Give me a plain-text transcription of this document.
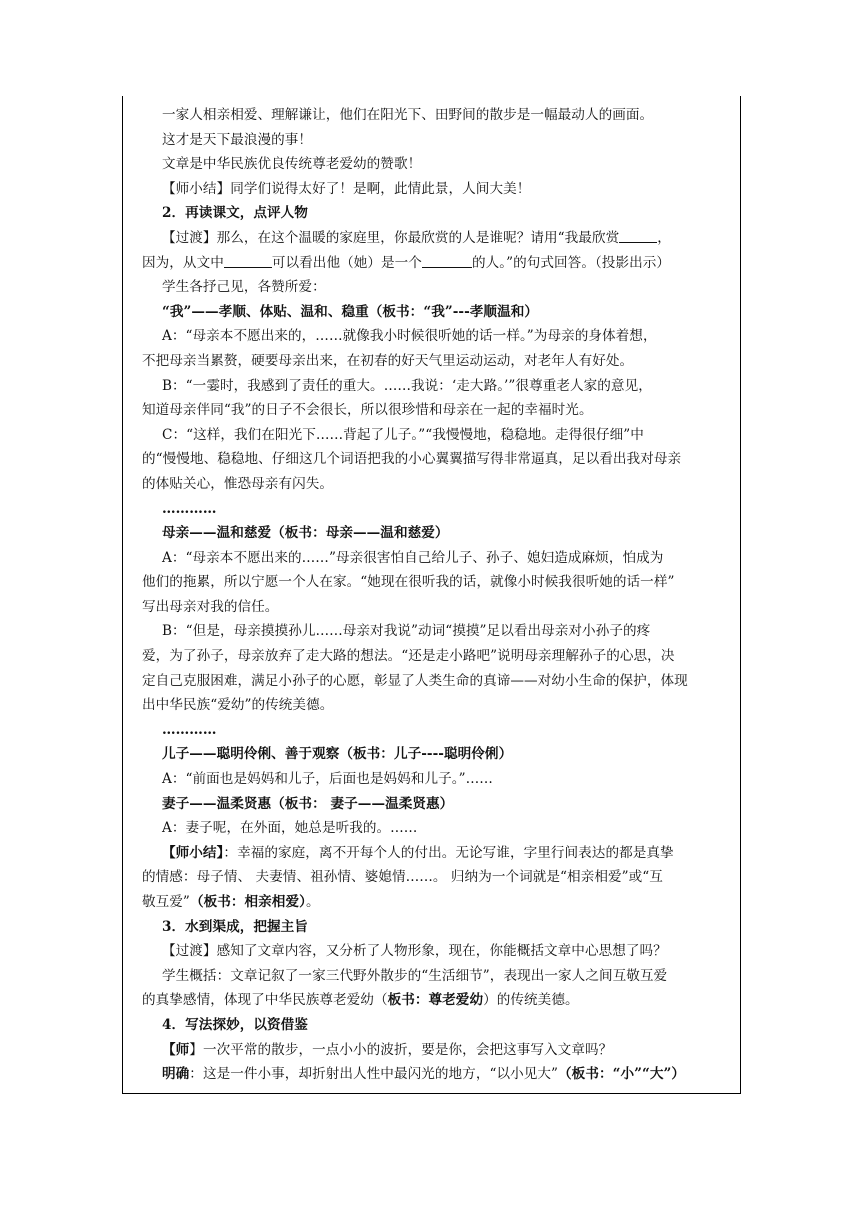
一家人相亲相爱、理解谦让，他们在阳光下、田野间的散步是一幅最动人的画面。

这才是天下最浪漫的事！

文章是中华民族优良传统尊老爱幼的赞歌！

【师小结】同学们说得太好了！是啊，此情此景，人间大美！

2．再读课文，点评人物

【过渡】那么，在这个温暖的家庭里，你最欣赏的人是谁呢？请用“我最欣赏	，

因为，从文中	可以看出他（她）是一个	的人。”的句式回答。（投影出示）

学生各抒己见，各赞所爱：

“我”——孝顺、体贴、温和、稳重（板书：“我”---孝顺温和）

A：“母亲本不愿出来的，……就像我小时候很听她的话一样。”为母亲的身体着想，

不把母亲当累赘，硬要母亲出来，在初春的好天气里运动运动，对老年人有好处。

B：“一霎时，我感到了责任的重大。……我说：‘走大路。’”很尊重老人家的意见，

知道母亲伴同“我”的日子不会很长，所以很珍惜和母亲在一起的幸福时光。

C：“这样，我们在阳光下……背起了儿子。”“我慢慢地，稳稳地。走得很仔细”中

的“慢慢地、稳稳地、仔细这几个词语把我的小心翼翼描写得非常逼真，足以看出我对母亲

的体贴关心，惟恐母亲有闪失。

…………

母亲——温和慈爱（板书：母亲——温和慈爱）

A：“母亲本不愿出来的……”母亲很害怕自己给儿子、孙子、媳妇造成麻烦，怕成为

他们的拖累，所以宁愿一个人在家。“她现在很听我的话，就像小时候我很听她的话一样”

写出母亲对我的信任。

B：“但是，母亲摸摸孙儿……母亲对我说”动词“摸摸”足以看出母亲对小孙子的疼

爱，为了孙子，母亲放弃了走大路的想法。“还是走小路吧”说明母亲理解孙子的心思，决

定自己克服困难，满足小孙子的心愿，彰显了人类生命的真谛——对幼小生命的保护，体现

出中华民族“爱幼”的传统美德。

…………

儿子——聪明伶俐、善于观察（板书：儿子----聪明伶俐）

A：“前面也是妈妈和儿子，后面也是妈妈和儿子。”……

妻子——温柔贤惠（板书： 妻子——温柔贤惠）

A：妻子呢，在外面，她总是听我的。……

【师小结】：幸福的家庭，离不开每个人的付出。无论写谁，字里行间表达的都是真挚

的情感：母子情、 夫妻情、祖孙情、婆媳情……。 归纳为一个词就是“相亲相爱”或“互

敬互爱”（板书：相亲相爱）。

3．水到渠成，把握主旨

【过渡】感知了文章内容，又分析了人物形象，现在，你能概括文章中心思想了吗？

学生概括：文章记叙了一家三代野外散步的“生活细节”，表现出一家人之间互敬互爱

的真挚感情，体现了中华民族尊老爱幼（板书：尊老爱幼）的传统美德。

4．写法探妙，以资借鉴

【师】一次平常的散步，一点小小的波折，要是你，会把这事写入文章吗？

明确：这是一件小事，却折射出人性中最闪光的地方，“以小见大”（板书：“小”“大”）
